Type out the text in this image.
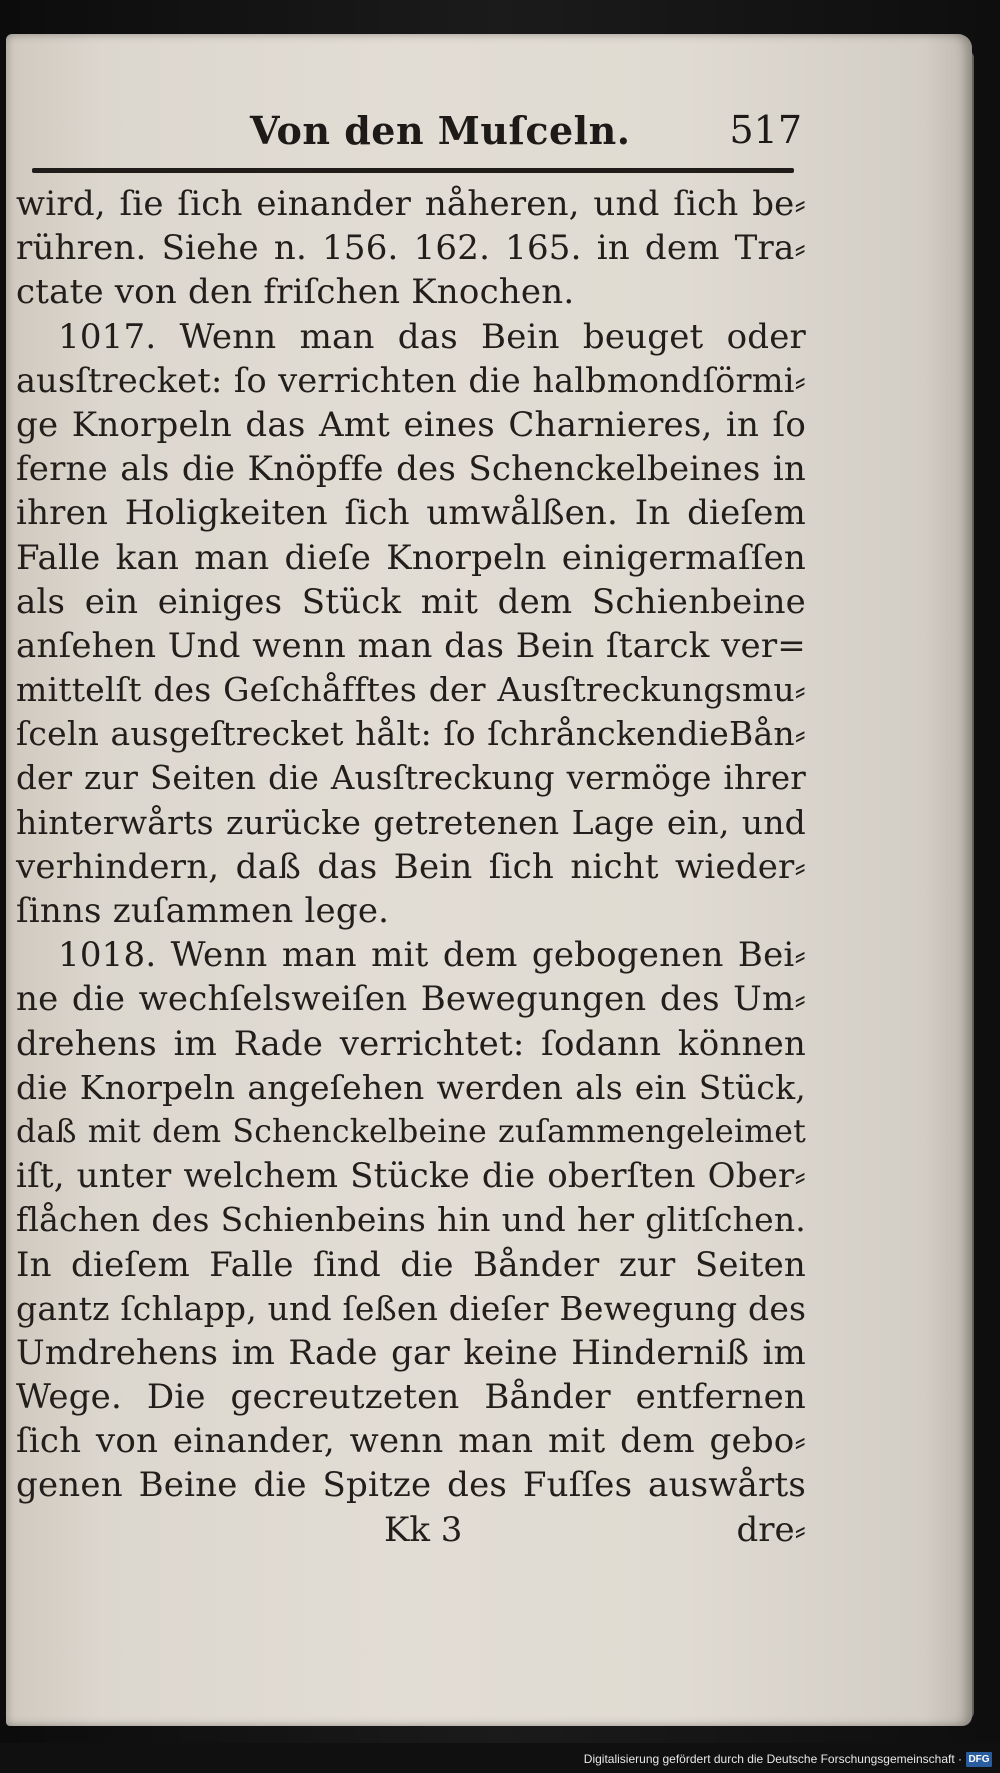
Von den Muſceln.	517
wird, ſie ſich einander nåheren, und ſich be⸗
rühren. Siehe n. 156. 162. 165. in dem Tra⸗
ctate von den friſchen Knochen.
1017. Wenn man das Bein beuget oder
ausſtrecket: ſo verrichten die halbmondſörmi⸗
ge Knorpeln das Amt eines Charnieres, in ſo
ferne als die Knöpffe des Schenckelbeines in
ihren Holigkeiten ſich umwålßen. In dieſem
Falle kan man dieſe Knorpeln einigermaſſen
als ein einiges Stück mit dem Schienbeine
anſehen Und wenn man das Bein ſtarck ver=
mittelſt des Geſchåfftes der Ausſtreckungsmu⸗
ſceln ausgeſtrecket hålt: ſo ſchrånckendieBån⸗
der zur Seiten die Ausſtreckung vermöge ihrer
hinterwårts zurücke getretenen Lage ein, und
verhindern, daß das Bein ſich nicht wieder⸗
ſinns zuſammen lege.
1018. Wenn man mit dem gebogenen Bei⸗
ne die wechſelsweiſen Bewegungen des Um⸗
drehens im Rade verrichtet: ſodann können
die Knorpeln angeſehen werden als ein Stück,
daß mit dem Schenckelbeine zuſammengeleimet
iſt, unter welchem Stücke die oberſten Ober⸗
flåchen des Schienbeins hin und her glitſchen.
In dieſem Falle ſind die Bånder zur Seiten
gantz ſchlapp, und ſeßen dieſer Bewegung des
Umdrehens im Rade gar keine Hinderniß im
Wege. Die gecreutzeten Bånder entfernen
ſich von einander, wenn man mit dem gebo⸗
genen Beine die Spitze des Fuſſes auswårts
Kk 3	dre⸗
Digitalisierung gefördert durch die Deutsche Forschungsgemeinschaft · DFG
